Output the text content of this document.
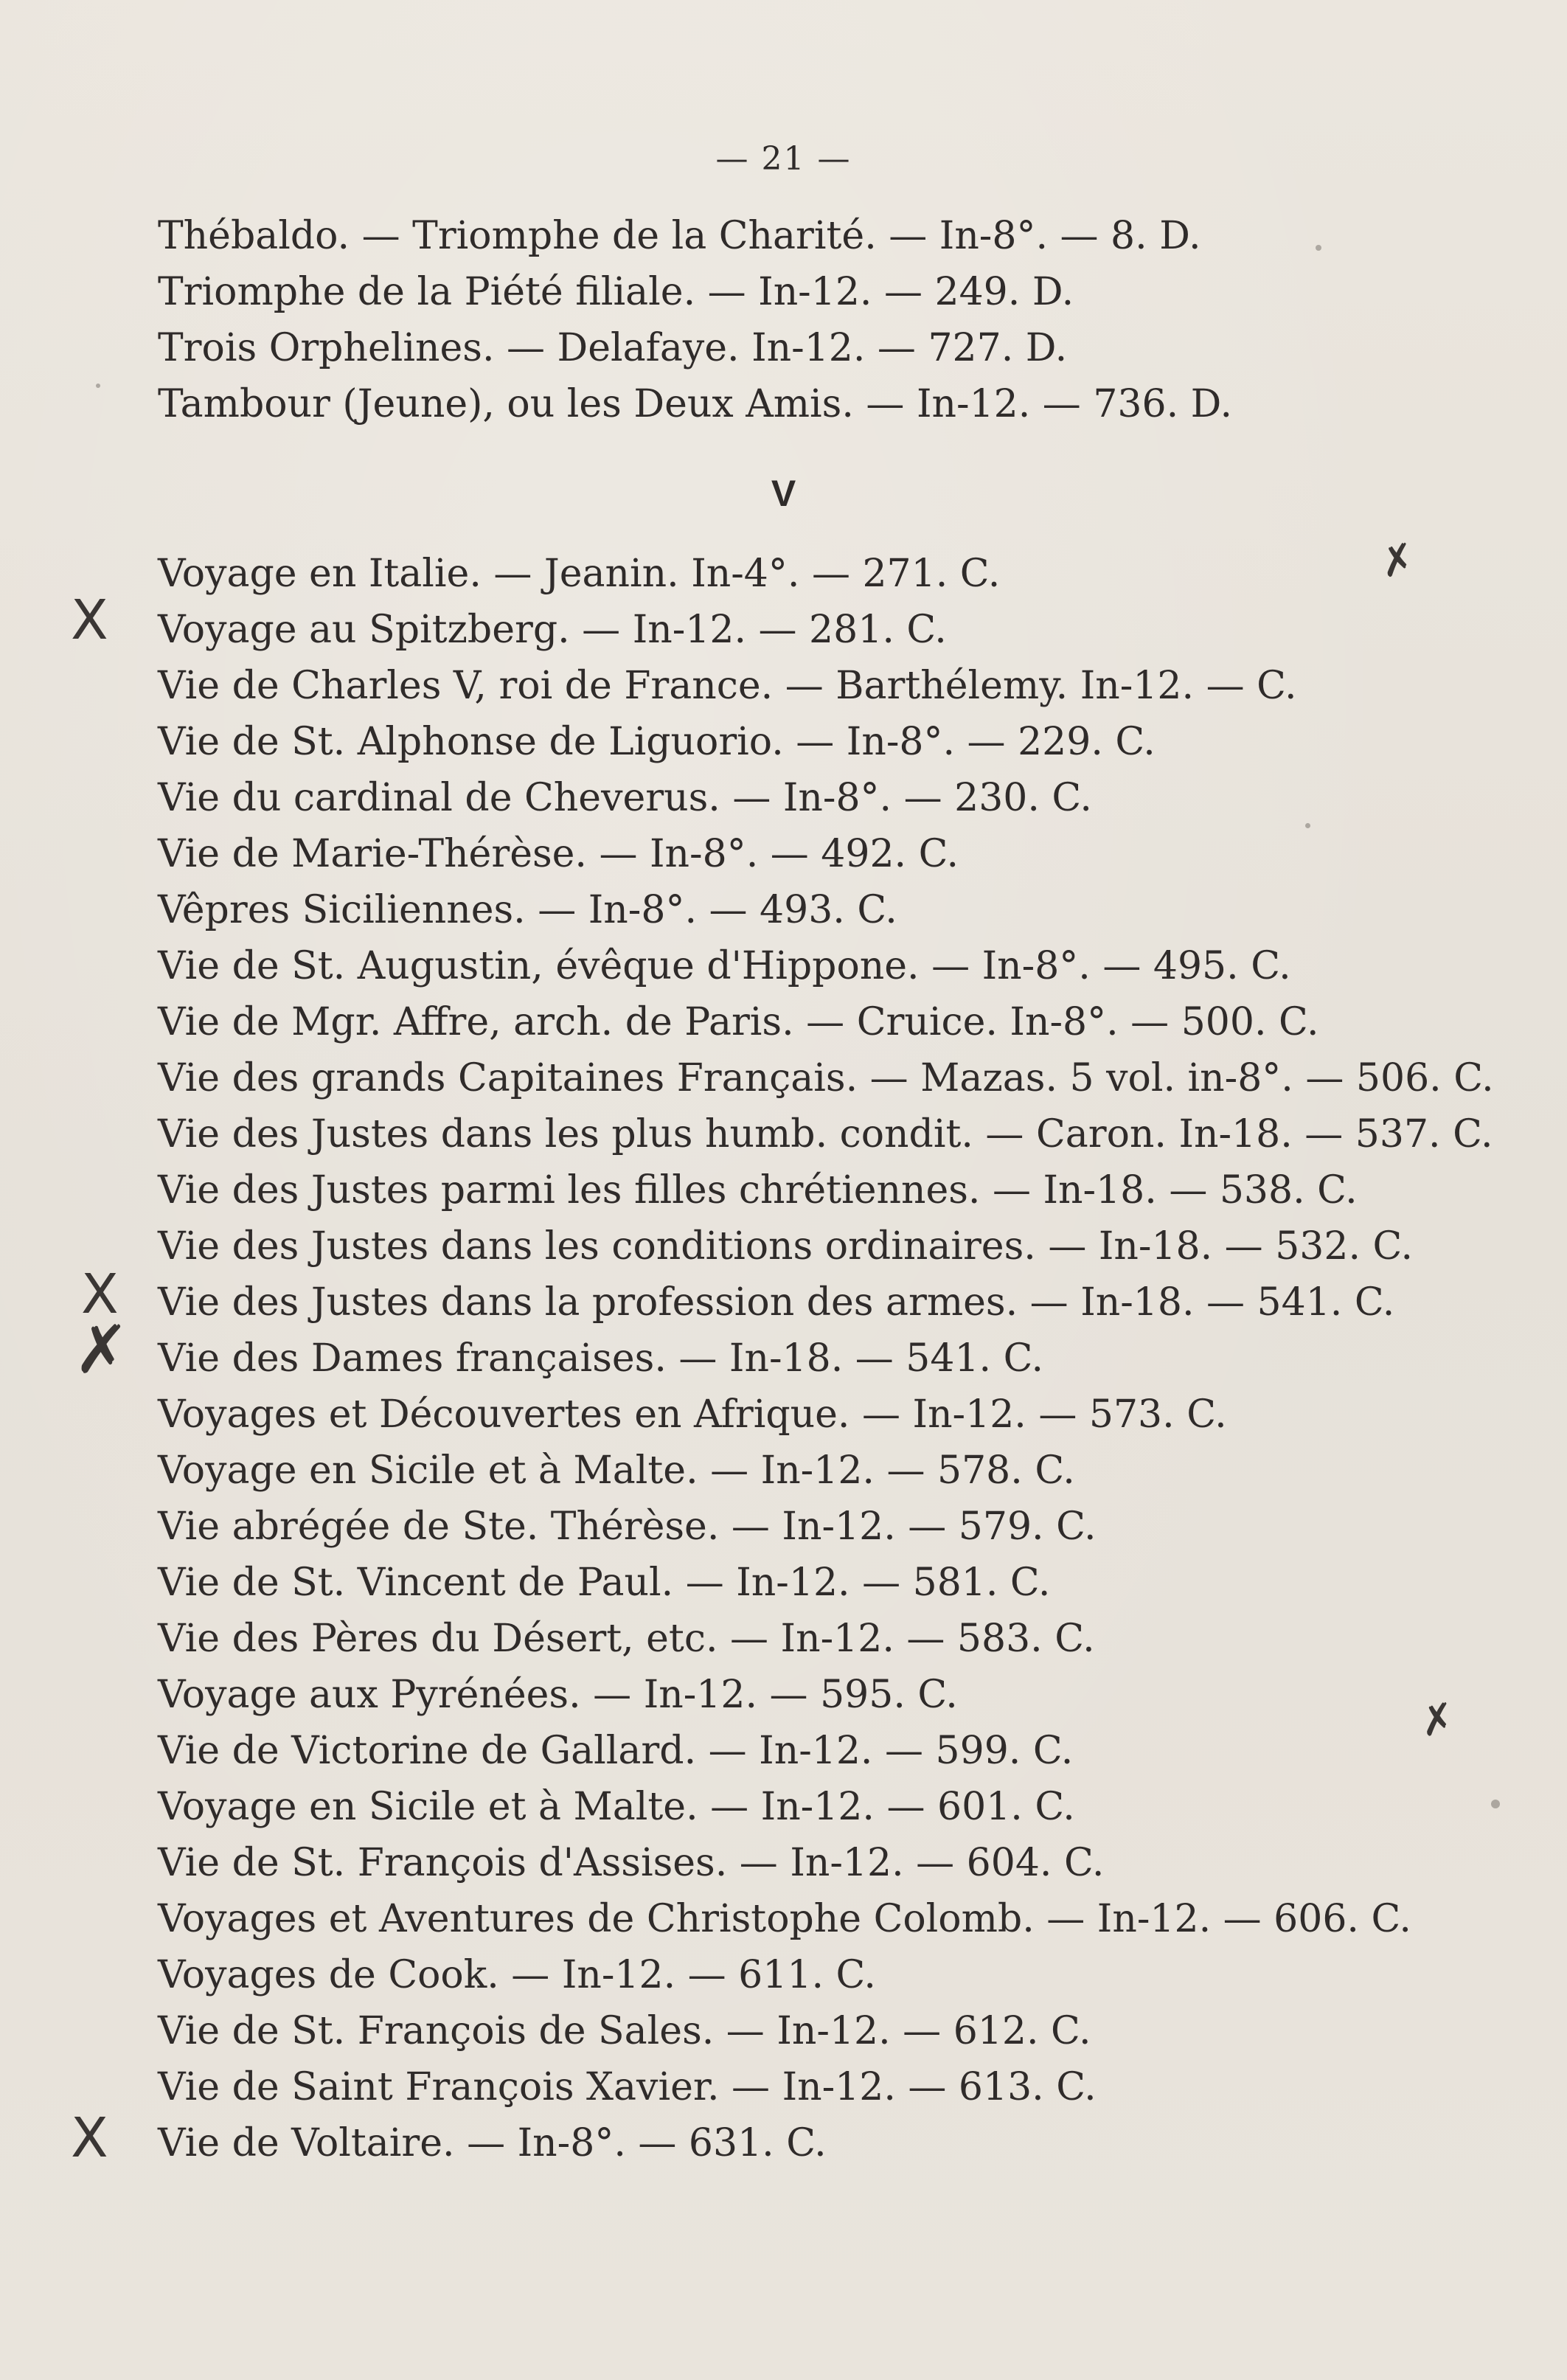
— 21 —
Thébaldo. — Triomphe de la Charité. — In-8°. — 8. D.
Triomphe de la Piété filiale. — In-12. — 249. D.
Trois Orphelines. — Delafaye. In-12. — 727. D.
Tambour (Jeune), ou les Deux Amis. — In-12. — 736. D.
V
Voyage en Italie. — Jeanin. In-4°. — 271. C.
Voyage au Spitzberg. — In-12. — 281. C.
Vie de Charles V, roi de France. — Barthélemy. In-12. — C.
Vie de St. Alphonse de Liguorio. — In-8°. — 229. C.
Vie du cardinal de Cheverus. — In-8°. — 230. C.
Vie de Marie-Thérèse. — In-8°. — 492. C.
Vêpres Siciliennes. — In-8°. — 493. C.
Vie de St. Augustin, évêque d'Hippone. — In-8°. — 495. C.
Vie de Mgr. Affre, arch. de Paris. — Cruice. In-8°. — 500. C.
Vie des grands Capitaines Français. — Mazas. 5 vol. in-8°. — 506. C.
Vie des Justes dans les plus humb. condit. — Caron. In-18. — 537. C.
Vie des Justes parmi les filles chrétiennes. — In-18. — 538. C.
Vie des Justes dans les conditions ordinaires. — In-18. — 532. C.
Vie des Justes dans la profession des armes. — In-18. — 541. C.
Vie des Dames françaises. — In-18. — 541. C.
Voyages et Découvertes en Afrique. — In-12. — 573. C.
Voyage en Sicile et à Malte. — In-12. — 578. C.
Vie abrégée de Ste. Thérèse. — In-12. — 579. C.
Vie de St. Vincent de Paul. — In-12. — 581. C.
Vie des Pères du Désert, etc. — In-12. — 583. C.
Voyage aux Pyrénées. — In-12. — 595. C.
Vie de Victorine de Gallard. — In-12. — 599. C.
Voyage en Sicile et à Malte. — In-12. — 601. C.
Vie de St. François d'Assises. — In-12. — 604. C.
Voyages et Aventures de Christophe Colomb. — In-12. — 606. C.
Voyages de Cook. — In-12. — 611. C.
Vie de St. François de Sales. — In-12. — 612. C.
Vie de Saint François Xavier. — In-12. — 613. C.
Vie de Voltaire. — In-8°. — 631. C.
X
X
✗
X
✗
✗
